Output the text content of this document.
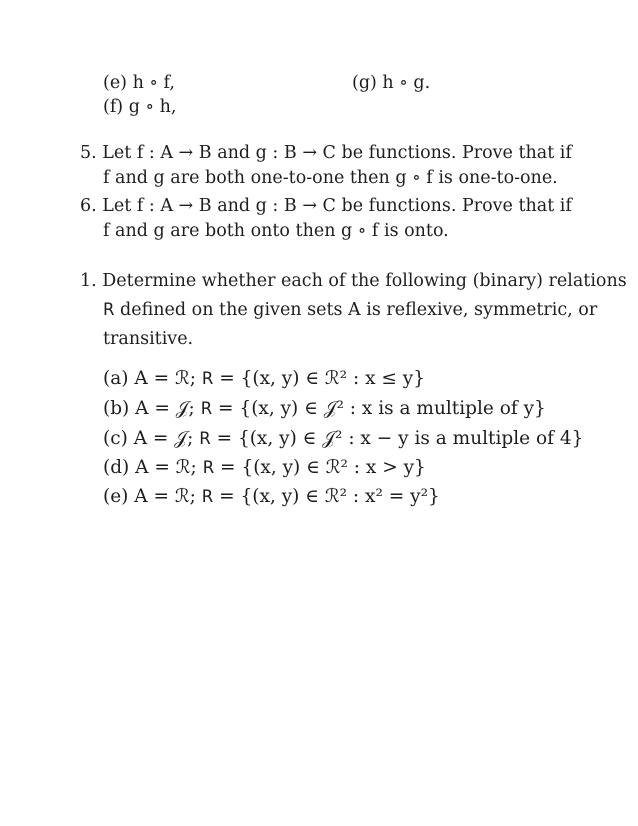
(e) h ∘ f,	(g) h ∘ g.
(f) g ∘ h,
5. Let f : A → B and g : B → C be functions. Prove that if
f and g are both one-to-one then g ∘ f is one-to-one.
6. Let f : A → B and g : B → C be functions. Prove that if
f and g are both onto then g ∘ f is onto.
1. Determine whether each of the following (binary) relations
R defined on the given sets A is reflexive, symmetric, or
transitive.
(a) A = ℛ; R = {(x, y) ∈ ℛ² : x ≤ y}
(b) A = 𝒥; R = {(x, y) ∈ 𝒥² : x is a multiple of y}
(c) A = 𝒥; R = {(x, y) ∈ 𝒥² : x − y is a multiple of 4}
(d) A = ℛ; R = {(x, y) ∈ ℛ² : x > y}
(e) A = ℛ; R = {(x, y) ∈ ℛ² : x² = y²}
